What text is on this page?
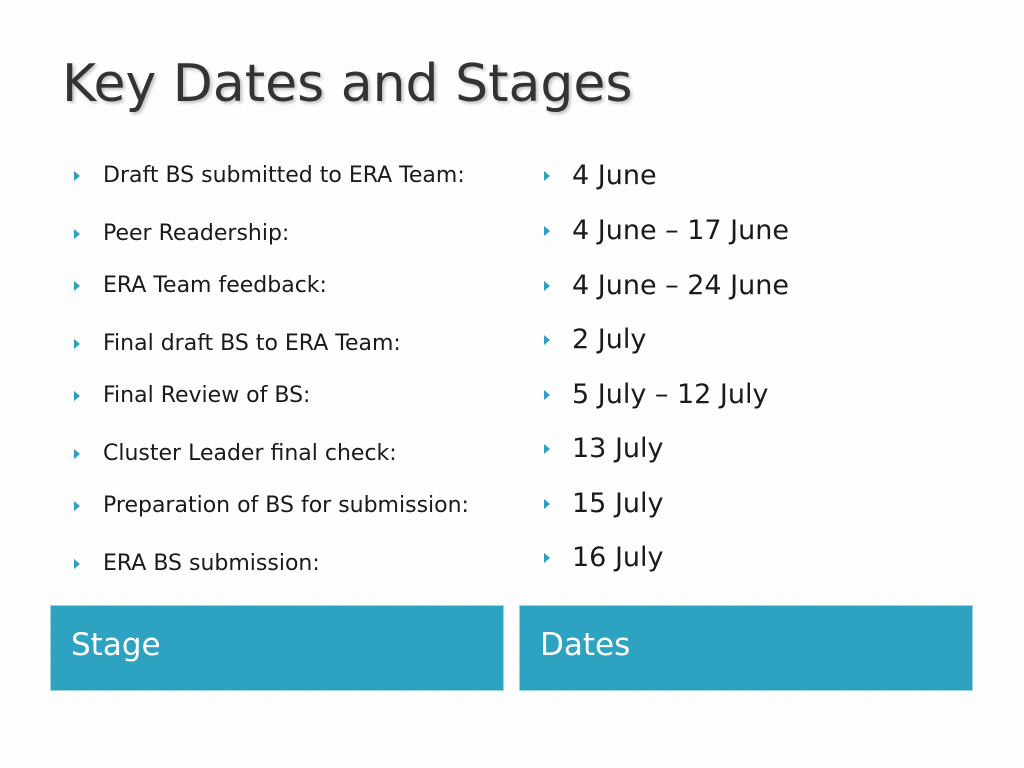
Key Dates and Stages
Draft BS submitted to ERA Team:
Peer Readership:
ERA Team feedback:
Final draft BS to ERA Team:
Final Review of BS:
Cluster Leader final check:
Preparation of BS for submission:
ERA BS submission:
4 June
4 June – 17 June
4 June – 24 June
2 July
5 July – 12 July
13 July
15 July
16 July
Stage	Dates
